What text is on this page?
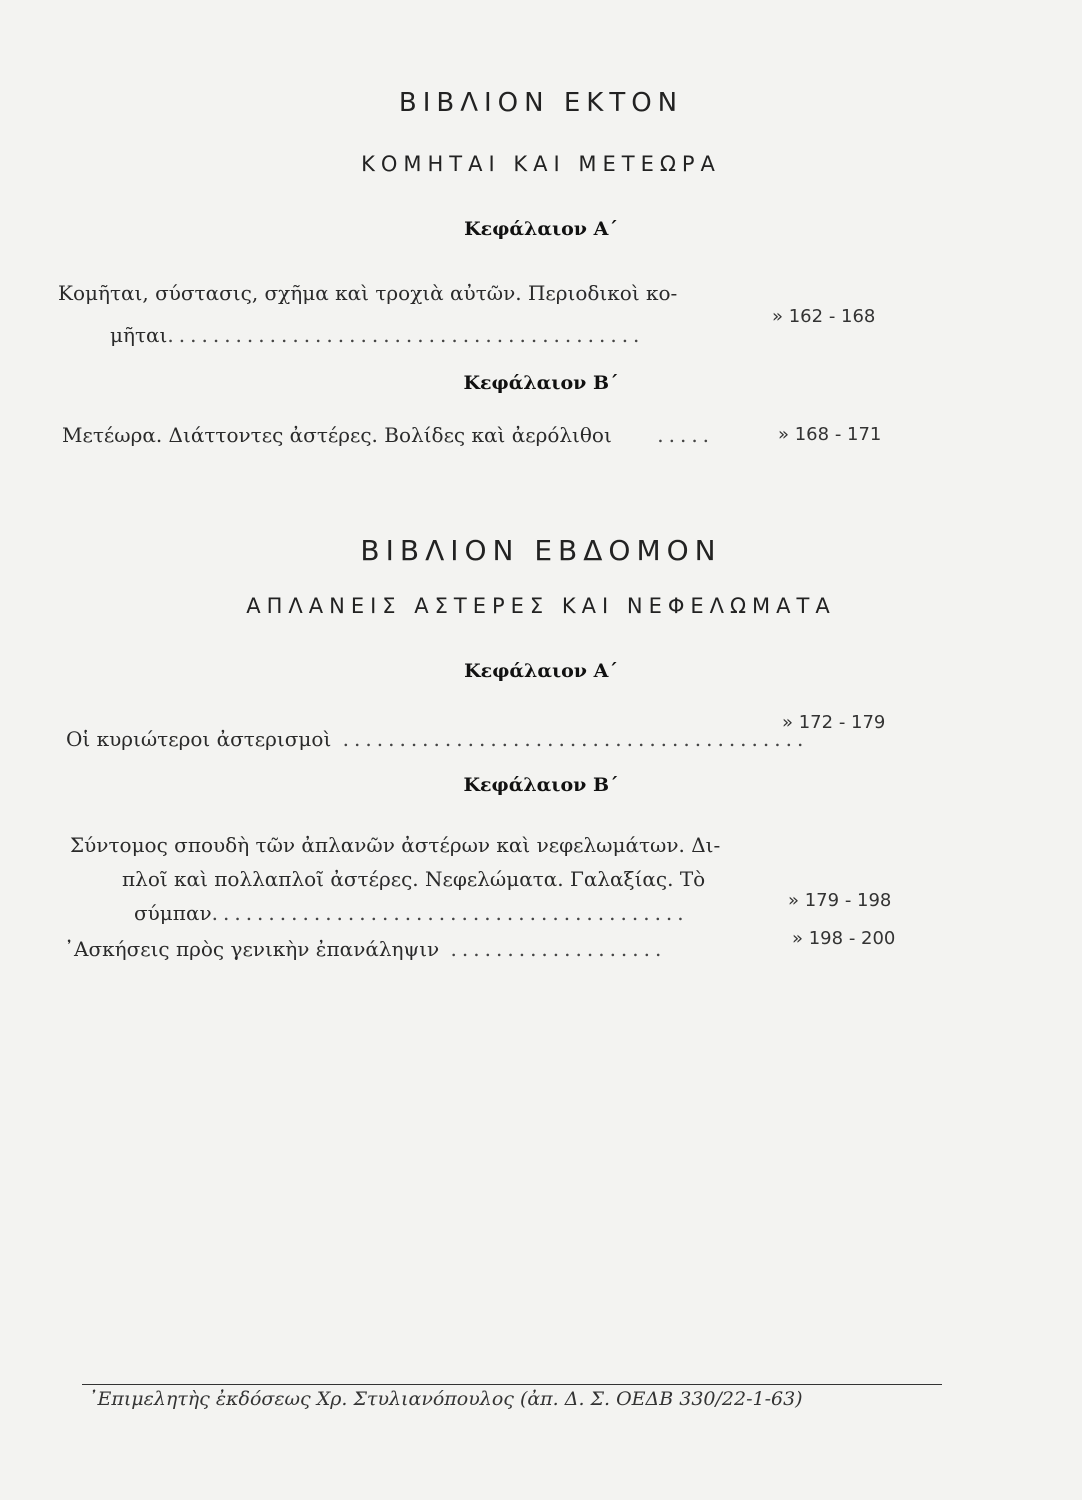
ΒΙΒΛΙΟΝ ΕΚΤΟΝ
ΚΟΜΗΤΑΙ ΚΑΙ ΜΕΤΕΩΡΑ
Κεφάλαιον Α΄
Κομῆται, σύστασις, σχῆμα καὶ τροχιὰ αὐτῶν. Περιοδικοὶ κο-
μῆται..........................................
» 162 - 168
Κεφάλαιον Β΄
Μετέωρα. Διάττοντες ἀστέρες. Βολίδες καὶ ἀερόλιθοι    .....	» 168 - 171
ΒΙΒΛΙΟΝ ΕΒΔΟΜΟΝ
ΑΠΛΑΝΕΙΣ ΑΣΤΕΡΕΣ ΚΑΙ ΝΕΦΕΛΩΜΑΤΑ
Κεφάλαιον Α΄
Οἱ κυριώτεροι ἀστερισμοὶ .........................................
» 172 - 179
Κεφάλαιον Β΄
Σύντομος σπουδὴ τῶν ἀπλανῶν ἀστέρων καὶ νεφελωμάτων. Δι-
πλοῖ καὶ πολλαπλοῖ ἀστέρες. Νεφελώματα. Γαλαξίας. Τὸ
σύμπαν..........................................
» 179 - 198
᾿Ασκήσεις πρὸς γενικὴν ἐπανάληψιν ...................	» 198 - 200
᾿Επιμελητὴς ἐκδόσεως Χρ. Στυλιανόπουλος (ἀπ. Δ. Σ. ΟΕΔΒ 330/22-1-63)
